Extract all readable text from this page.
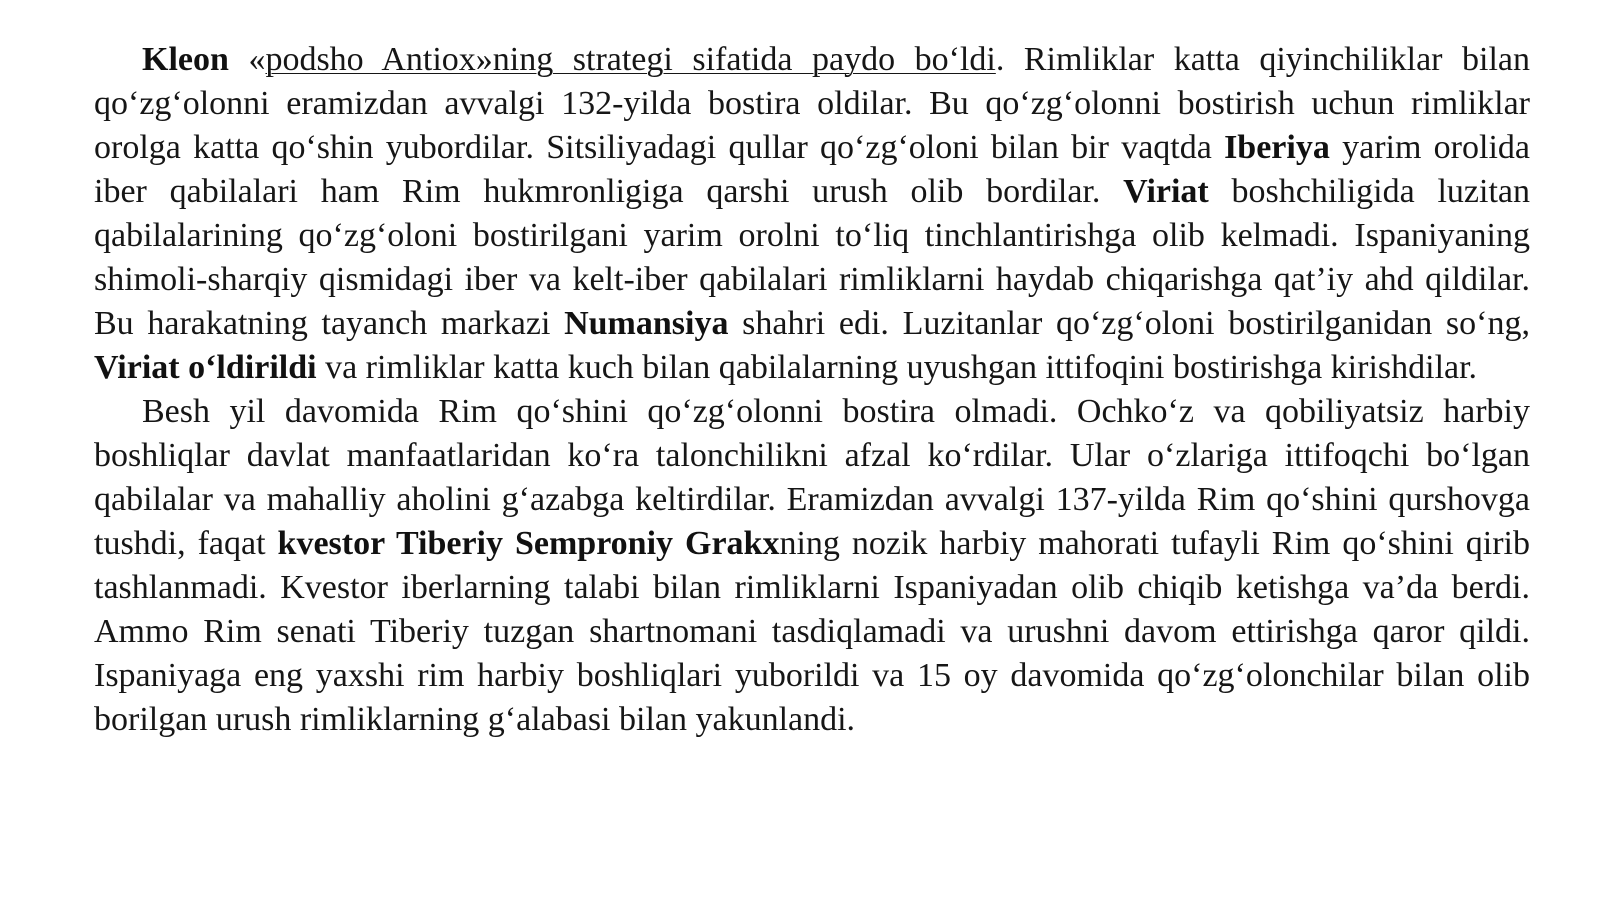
Kleon «podsho Antiox»ning strategi sifatida paydo bo‘ldi. Rimliklar katta qiyinchiliklar bilan qo‘zg‘olonni eramizdan avvalgi 132-yilda bostira oldilar. Bu qo‘zg‘olonni bostirish uchun rimliklar orolga katta qo‘shin yubordilar. Sitsiliyadagi qullar qo‘zg‘oloni bilan bir vaqtda Iberiya yarim orolida iber qabilalari ham Rim hukmronligiga qarshi urush olib bordilar. Viriat boshchiligida luzitan qabilalarining qo‘zg‘oloni bostirilgani yarim orolni to‘liq tinchlantirishga olib kelmadi. Ispaniyaning shimoli-sharqiy qismidagi iber va kelt-iber qabilalari rimliklarni haydab chiqarishga qat’iy ahd qildilar. Bu harakatning tayanch markazi Numansiya shahri edi. Luzitanlar qo‘zg‘oloni bostirilganidan so‘ng, Viriat o‘ldirildi va rimliklar katta kuch bilan qabilalarning uyushgan ittifoqini bostirishga kirishdilar.

Besh yil davomida Rim qo‘shini qo‘zg‘olonni bostira olmadi. Ochko‘z va qobiliyatsiz harbiy boshliqlar davlat manfaatlaridan ko‘ra talonchilikni afzal ko‘rdilar. Ular o‘zlariga ittifoqchi bo‘lgan qabilalar va mahalliy aholini g‘azabga keltirdilar. Eramizdan avvalgi 137-yilda Rim qo‘shini qurshovga tushdi, faqat kvestor Tiberiy Semproniy Grakxning nozik harbiy mahorati tufayli Rim qo‘shini qirib tashlanmadi. Kvestor iberlarning talabi bilan rimliklarni Ispaniyadan olib chiqib ketishga va’da berdi. Ammo Rim senati Tiberiy tuzgan shartnomani tasdiqlamadi va urushni davom ettirishga qaror qildi. Ispaniyaga eng yaxshi rim harbiy boshliqlari yuborildi va 15 oy davomida qo‘zg‘olonchilar bilan olib borilgan urush rimliklarning g‘alabasi bilan yakunlandi.
